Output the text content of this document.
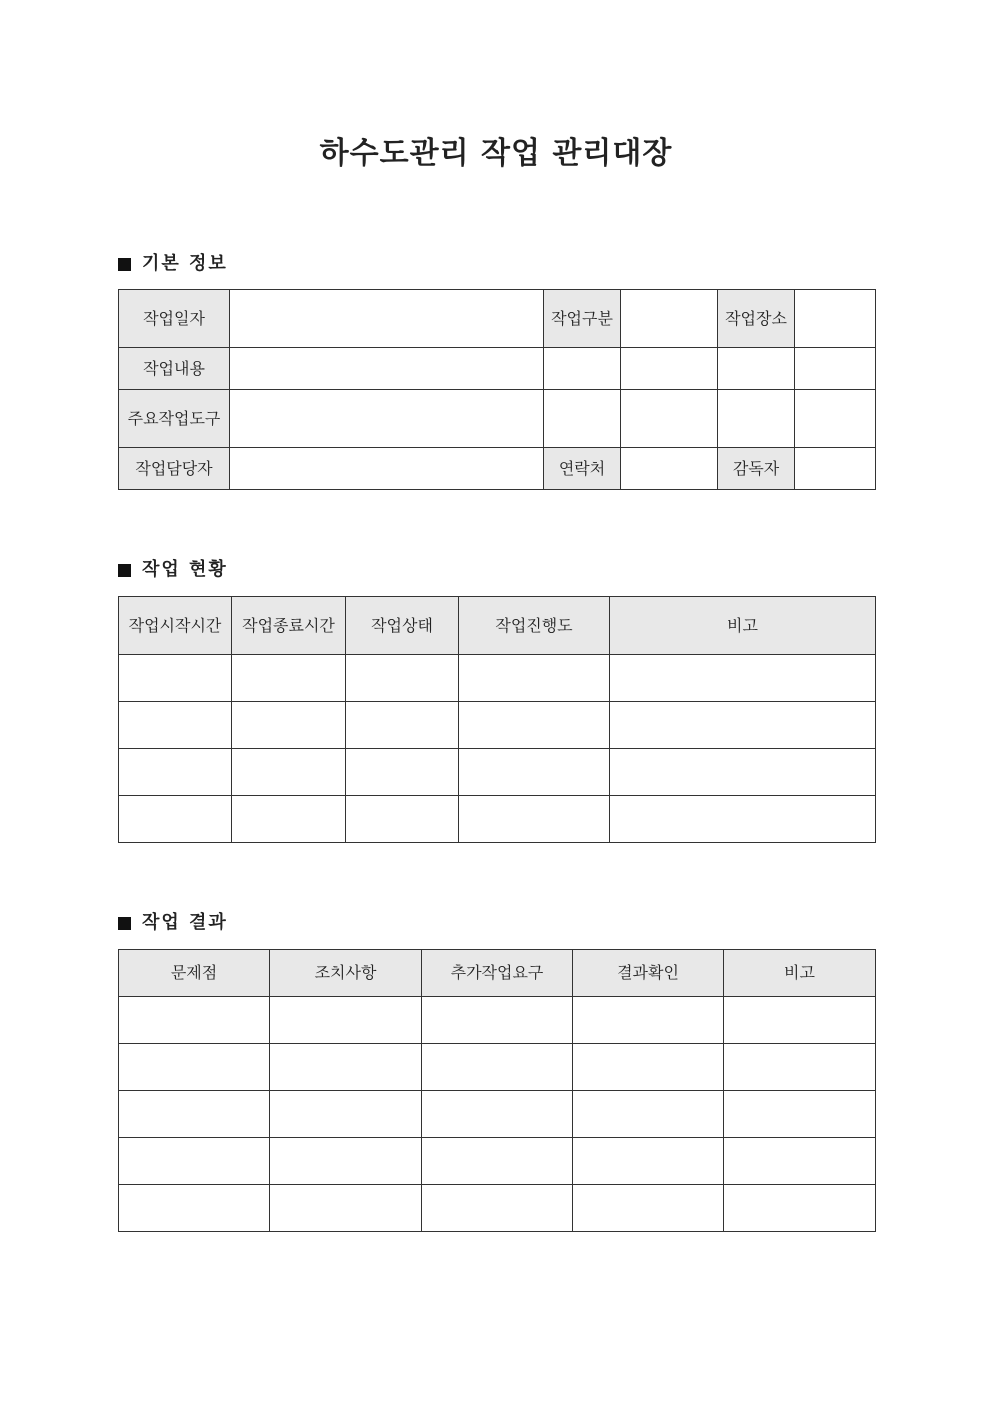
하수도관리 작업 관리대장
기본 정보
작업일자		작업구분		작업장소	
작업내용					
주요작업도구					
작업담당자		연락처		감독자	
작업 현황
작업시작시간	작업종료시간	작업상태	작업진행도	비고

작업 결과
문제점	조치사항	추가작업요구	결과확인	비고
